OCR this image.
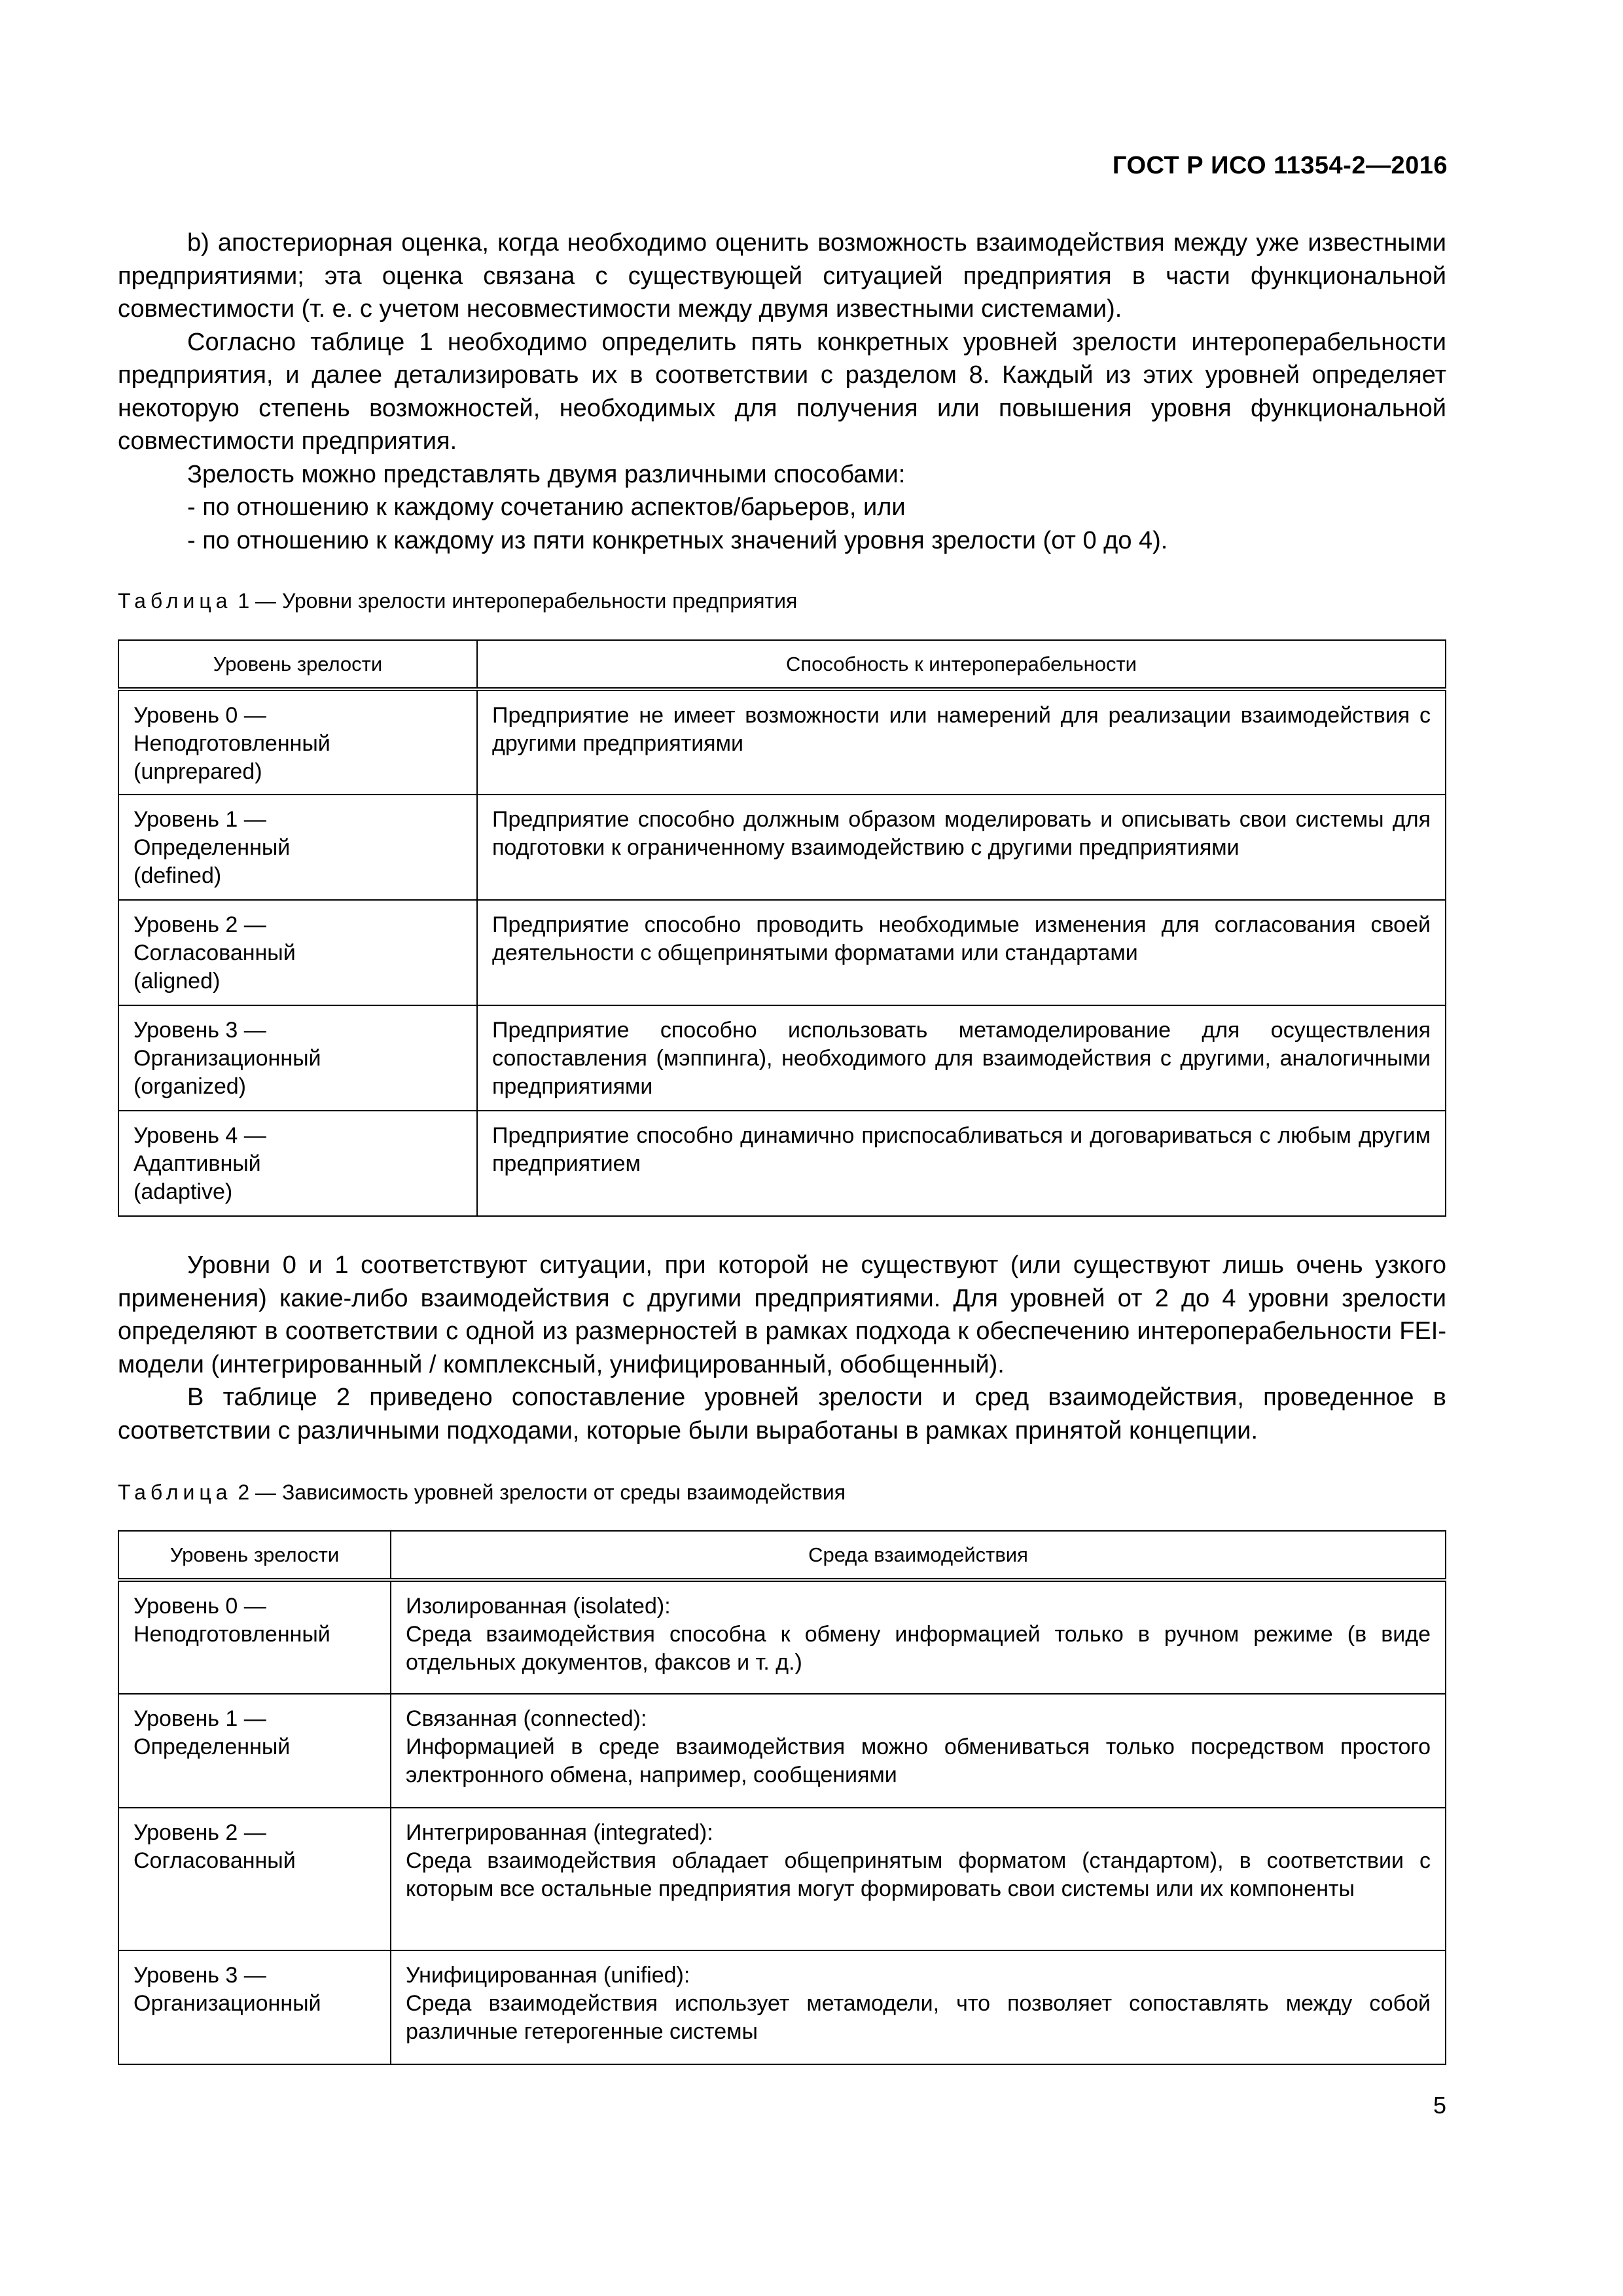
ГОСТ Р ИСО 11354-2—2016

b) апостериорная оценка, когда необходимо оценить возможность взаимодействия между уже известными предприятиями; эта оценка связана с существующей ситуацией предприятия в части функциональной совместимости (т. е. с учетом несовместимости между двумя известными системами).

Согласно таблице 1 необходимо определить пять конкретных уровней зрелости интероперабельности предприятия, и далее детализировать их в соответствии с разделом 8. Каждый из этих уровней определяет некоторую степень возможностей, необходимых для получения или повышения уровня функциональной совместимости предприятия.

Зрелость можно представлять двумя различными способами:

- по отношению к каждому сочетанию аспектов/барьеров, или

- по отношению к каждому из пяти конкретных значений уровня зрелости (от 0 до 4).

Таблица 1 — Уровни зрелости интероперабельности предприятия
Уровень зрелости	Способность к интероперабельности

Уровень 0 —
Неподготовленный
(unprepared)	Предприятие не имеет возможности или намерений для реализации взаимодействия с другими предприятиями

Уровень 1 —
Определенный
(defined)	Предприятие способно должным образом моделировать и описывать свои системы для подготовки к ограниченному взаимодействию с другими предприятиями

Уровень 2 —
Согласованный
(aligned)	Предприятие способно проводить необходимые изменения для согласования своей деятельности с общепринятыми форматами или стандартами

Уровень 3 —
Организационный
(organized)	Предприятие способно использовать метамоделирование для осуществления сопоставления (мэппинга), необходимого для взаимодействия с другими, аналогичными предприятиями

Уровень 4 —
Адаптивный
(adaptive)	Предприятие способно динамично приспосабливаться и договариваться с любым другим предприятием

Уровни 0 и 1 соответствуют ситуации, при которой не существуют (или существуют лишь очень узкого применения) какие-либо взаимодействия с другими предприятиями. Для уровней от 2 до 4 уровни зрелости определяют в соответствии с одной из размерностей в рамках подхода к обеспечению интероперабельности FEI-модели (интегрированный / комплексный, унифицированный, обобщенный).

В таблице 2 приведено сопоставление уровней зрелости и сред взаимодействия, проведенное в соответствии с различными подходами, которые были выработаны в рамках принятой концепции.

Таблица 2 — Зависимость уровней зрелости от среды взаимодействия
Уровень зрелости	Среда взаимодействия

Уровень 0 —
Неподготовленный	Изолированная (isolated):
Среда взаимодействия способна к обмену информацией только в ручном режиме (в виде отдельных документов, факсов и т. д.)

Уровень 1 —
Определенный	Связанная (connected):
Информацией в среде взаимодействия можно обмениваться только посредством простого электронного обмена, например, сообщениями

Уровень 2 —
Согласованный	Интегрированная (integrated):
Среда взаимодействия обладает общепринятым форматом (стандартом), в соответствии с которым все остальные предприятия могут формировать свои системы или их компоненты

Уровень 3 —
Организационный	Унифицированная (unified):
Среда взаимодействия использует метамодели, что позволяет сопоставлять между собой различные гетерогенные системы
5
